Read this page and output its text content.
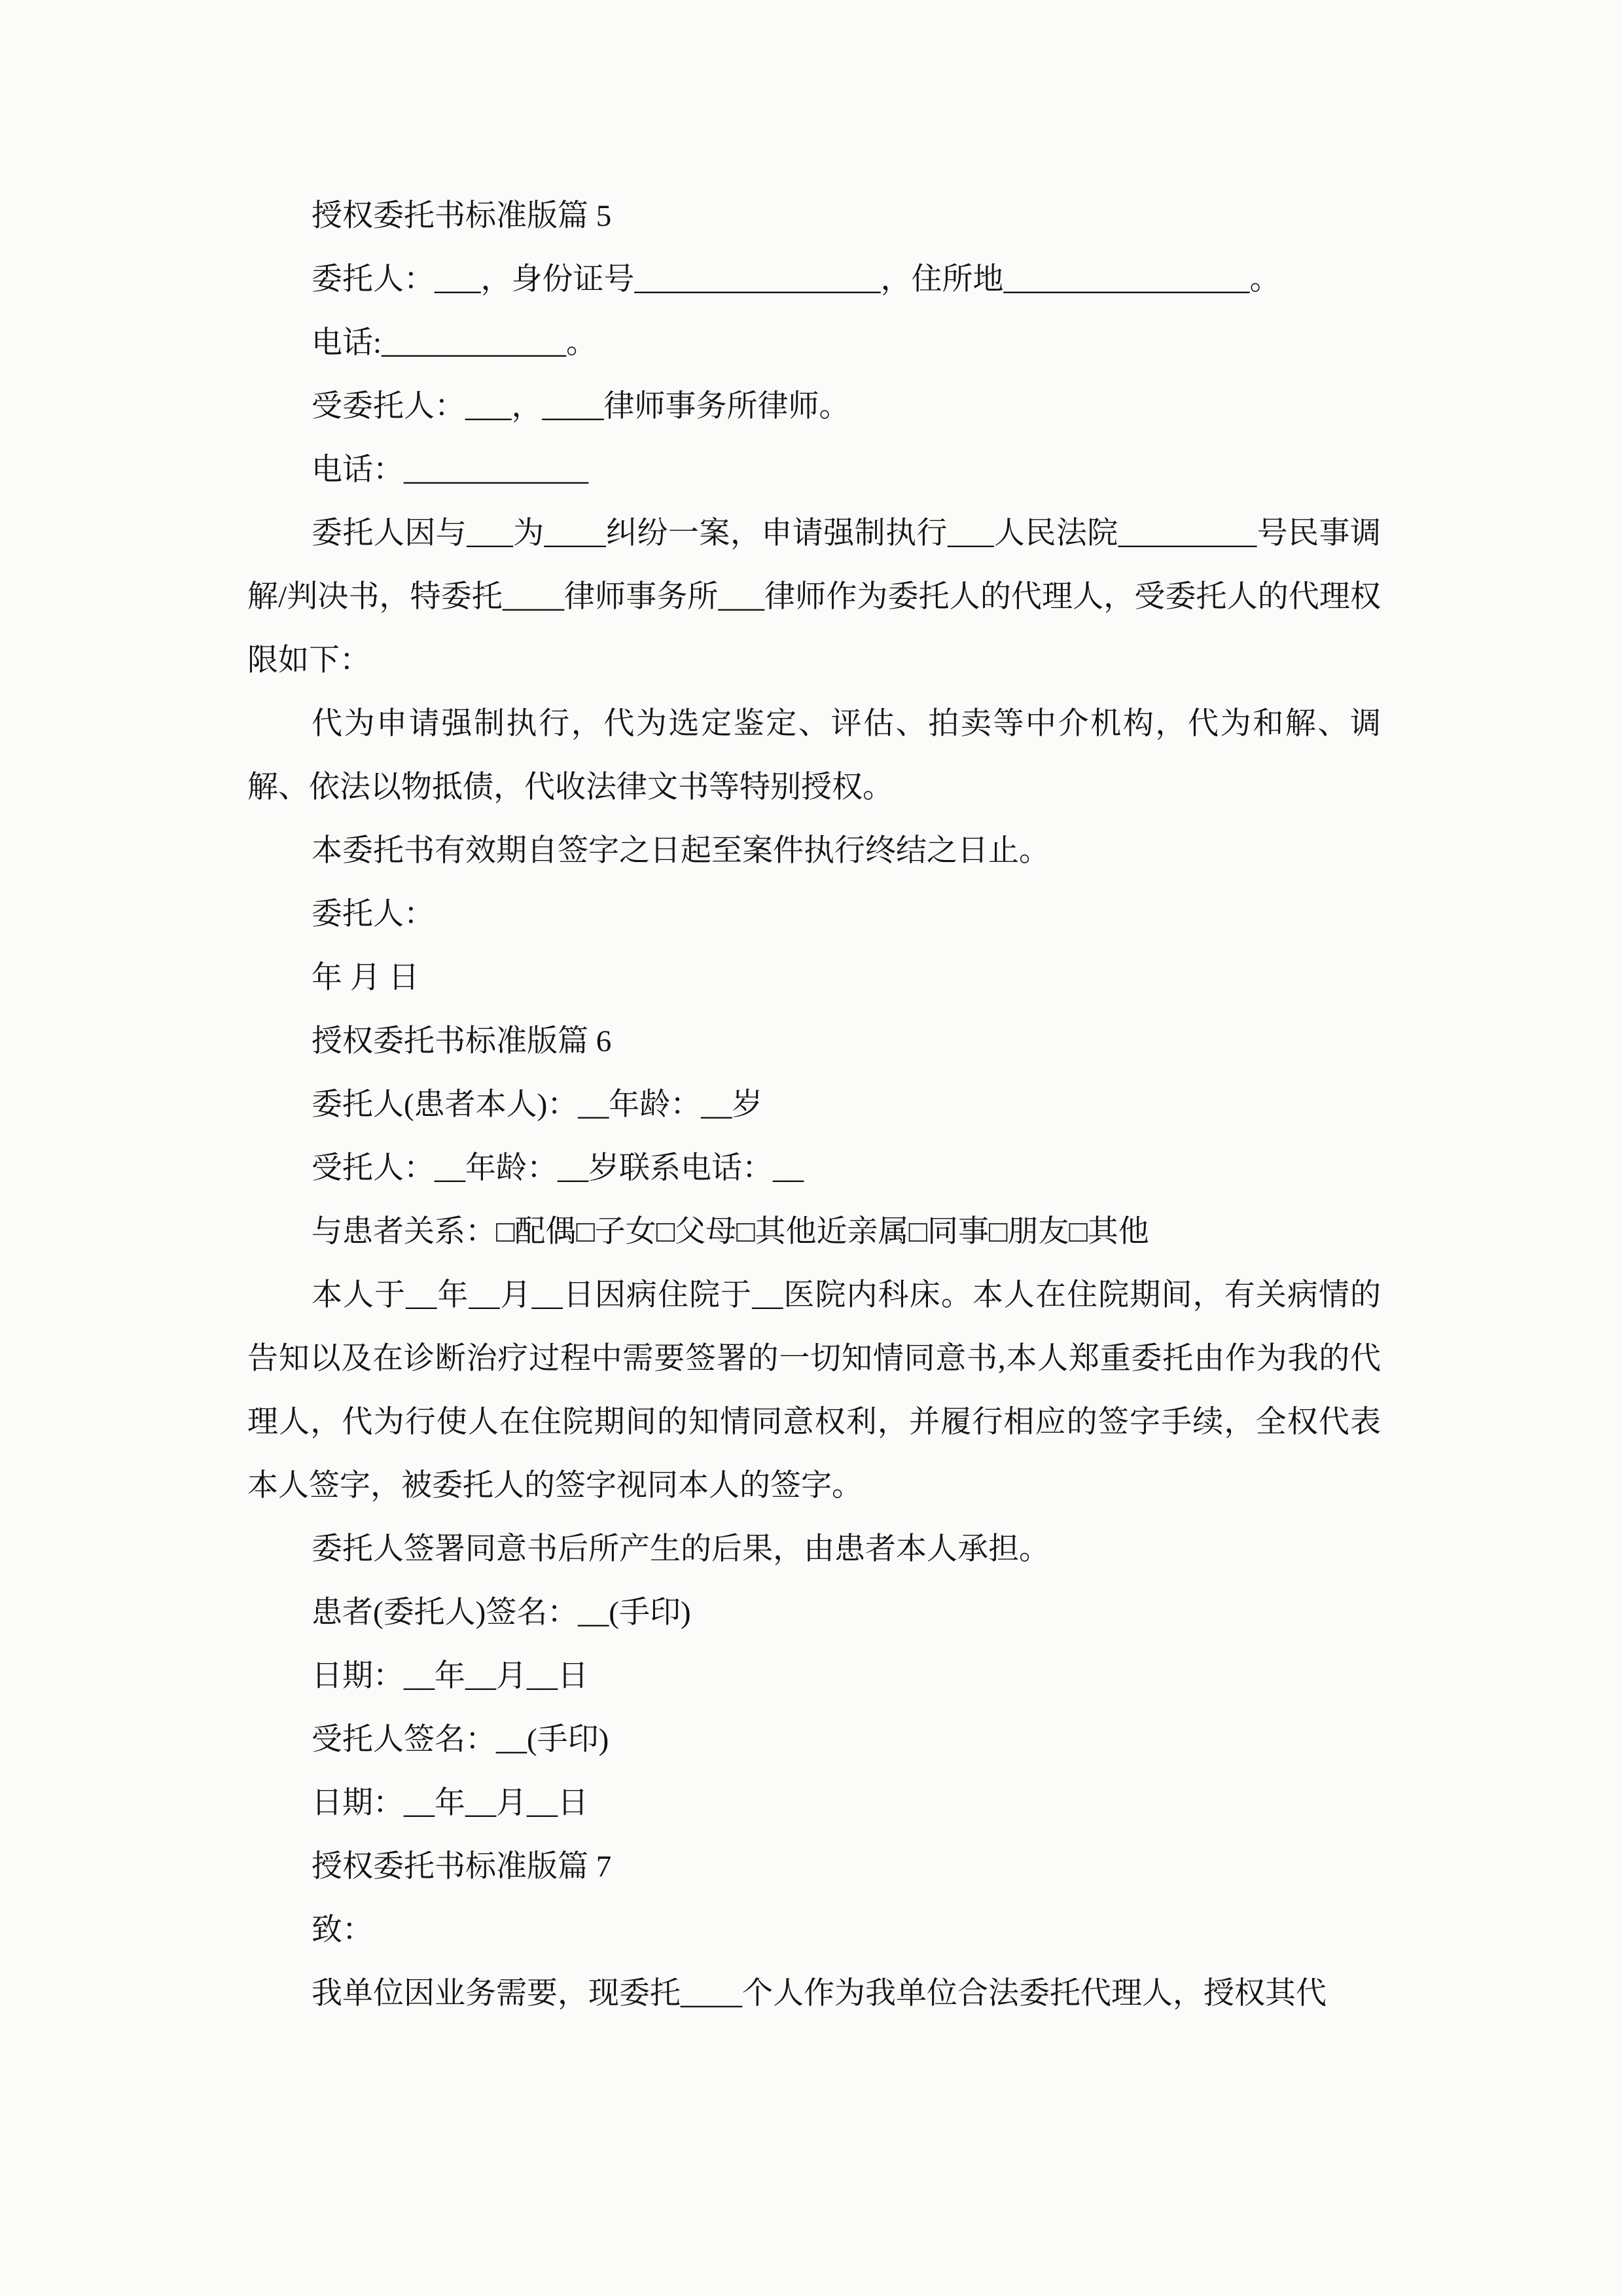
授权委托书标准版篇 5

委托人：___，身份证号________________，住所地________________。

电话:____________。

受委托人：___，____律师事务所律师。

电话：____________

委托人因与___为____纠纷一案，申请强制执行___人民法院_________号民事调解/判决书，特委托____律师事务所___律师作为委托人的代理人，受委托人的代理权限如下：

代为申请强制执行，代为选定鉴定、评估、拍卖等中介机构，代为和解、调解、依法以物抵债，代收法律文书等特别授权。

本委托书有效期自签字之日起至案件执行终结之日止。

委托人：

年 月 日

授权委托书标准版篇 6

委托人(患者本人)：__年龄：__岁

受托人：__年龄：__岁联系电话：__

与患者关系：□配偶□子女□父母□其他近亲属□同事□朋友□其他

本人于__年__月__日因病住院于__医院内科床。本人在住院期间，有关病情的告知以及在诊断治疗过程中需要签署的一切知情同意书,本人郑重委托由作为我的代理人，代为行使人在住院期间的知情同意权利，并履行相应的签字手续，全权代表本人签字，被委托人的签字视同本人的签字。

委托人签署同意书后所产生的后果，由患者本人承担。

患者(委托人)签名：__(手印)

日期：__年__月__日

受托人签名：__(手印)

日期：__年__月__日

授权委托书标准版篇 7

致：

我单位因业务需要，现委托____个人作为我单位合法委托代理人，授权其代
